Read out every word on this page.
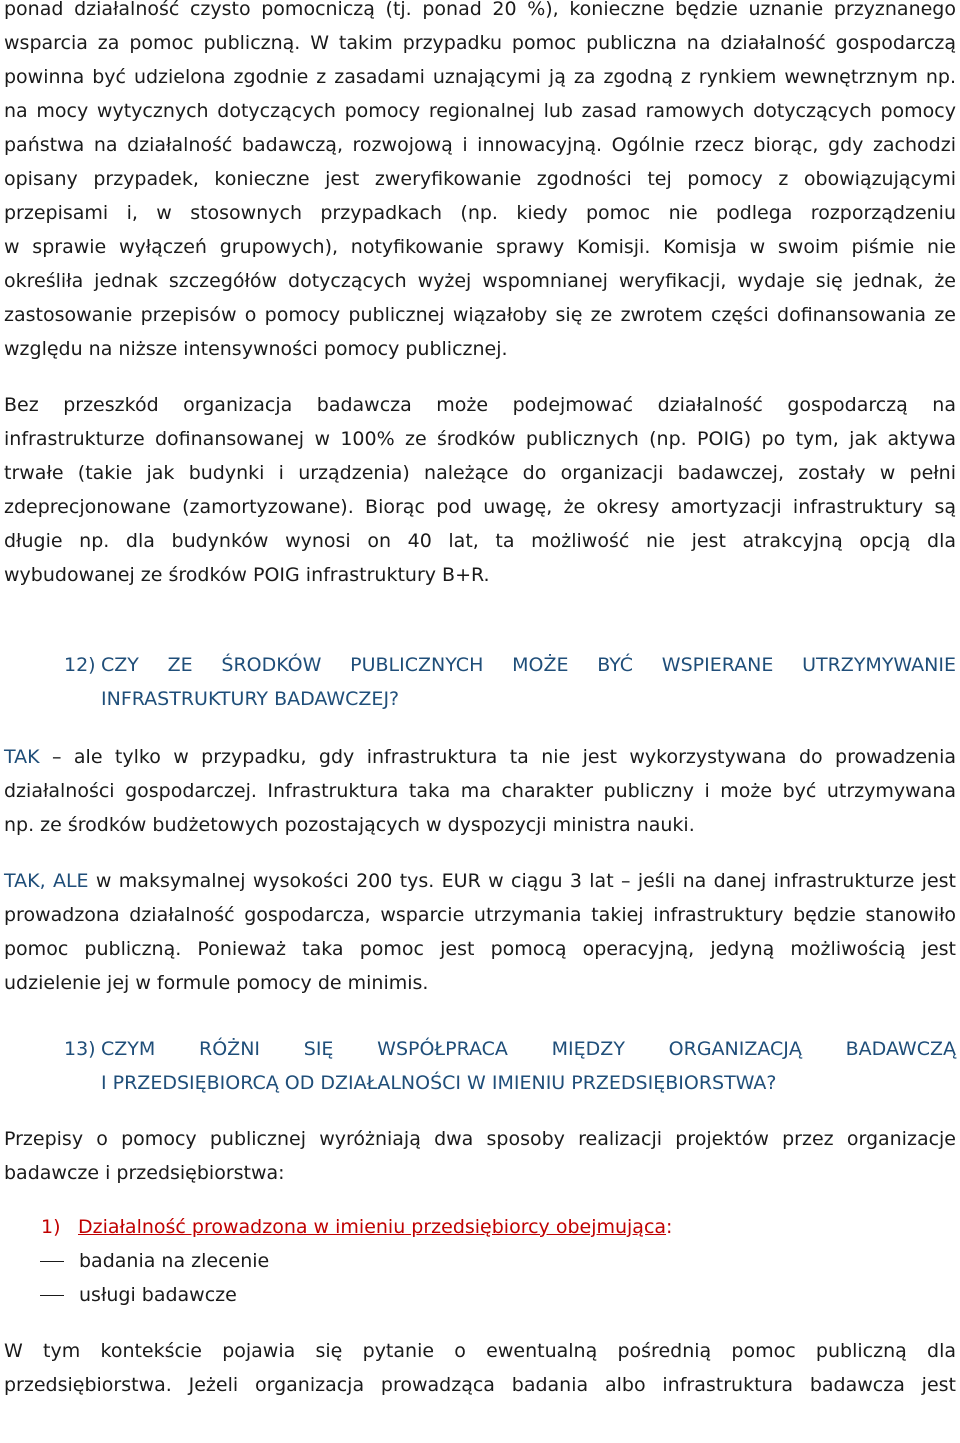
ponad działalność czysto pomocniczą (tj. ponad 20 %), konieczne będzie uznanie przyznanego
wsparcia za pomoc publiczną. W takim przypadku pomoc publiczna na działalność gospodarczą
powinna być udzielona zgodnie z zasadami uznającymi ją za zgodną z rynkiem wewnętrznym np.
na mocy wytycznych dotyczących pomocy regionalnej lub zasad ramowych dotyczących pomocy
państwa na działalność badawczą, rozwojową i innowacyjną. Ogólnie rzecz biorąc, gdy zachodzi
opisany przypadek, konieczne jest zweryfikowanie zgodności tej pomocy z obowiązującymi
przepisami i, w stosownych przypadkach (np. kiedy pomoc nie podlega rozporządzeniu
w sprawie wyłączeń grupowych), notyfikowanie sprawy Komisji. Komisja w swoim piśmie nie
określiła jednak szczegółów dotyczących wyżej wspomnianej weryfikacji, wydaje się jednak, że
zastosowanie przepisów o pomocy publicznej wiązałoby się ze zwrotem części dofinansowania ze
względu na niższe intensywności pomocy publicznej.
Bez przeszkód organizacja badawcza może podejmować działalność gospodarczą na
infrastrukturze dofinansowanej w 100% ze środków publicznych (np. POIG) po tym, jak aktywa
trwałe (takie jak budynki i urządzenia) należące do organizacji badawczej, zostały w pełni
zdeprecjonowane (zamortyzowane). Biorąc pod uwagę, że okresy amortyzacji infrastruktury są
długie np. dla budynków wynosi on 40 lat, ta możliwość nie jest atrakcyjną opcją dla
wybudowanej ze środków POIG infrastruktury B+R.
12) CZY ZE ŚRODKÓW PUBLICZNYCH MOŻE BYĆ WSPIERANE UTRZYMYWANIE
INFRASTRUKTURY BADAWCZEJ?
TAK – ale tylko w przypadku, gdy infrastruktura ta nie jest wykorzystywana do prowadzenia
działalności gospodarczej. Infrastruktura taka ma charakter publiczny i może być utrzymywana
np. ze środków budżetowych pozostających w dyspozycji ministra nauki.
TAK, ALE w maksymalnej wysokości 200 tys. EUR w ciągu 3 lat – jeśli na danej infrastrukturze jest
prowadzona działalność gospodarcza, wsparcie utrzymania takiej infrastruktury będzie stanowiło
pomoc publiczną. Ponieważ taka pomoc jest pomocą operacyjną, jedyną możliwością jest
udzielenie jej w formule pomocy de minimis.
13) CZYM RÓŻNI SIĘ WSPÓŁPRACA MIĘDZY ORGANIZACJĄ BADAWCZĄ
I PRZEDSIĘBIORCĄ OD DZIAŁALNOŚCI W IMIENIU PRZEDSIĘBIORSTWA?
Przepisy o pomocy publicznej wyróżniają dwa sposoby realizacji projektów przez organizacje
badawcze i przedsiębiorstwa:
1) Działalność prowadzona w imieniu przedsiębiorcy obejmująca:
badania na zlecenie
usługi badawcze
W tym kontekście pojawia się pytanie o ewentualną pośrednią pomoc publiczną dla
przedsiębiorstwa. Jeżeli organizacja prowadząca badania albo infrastruktura badawcza jest
